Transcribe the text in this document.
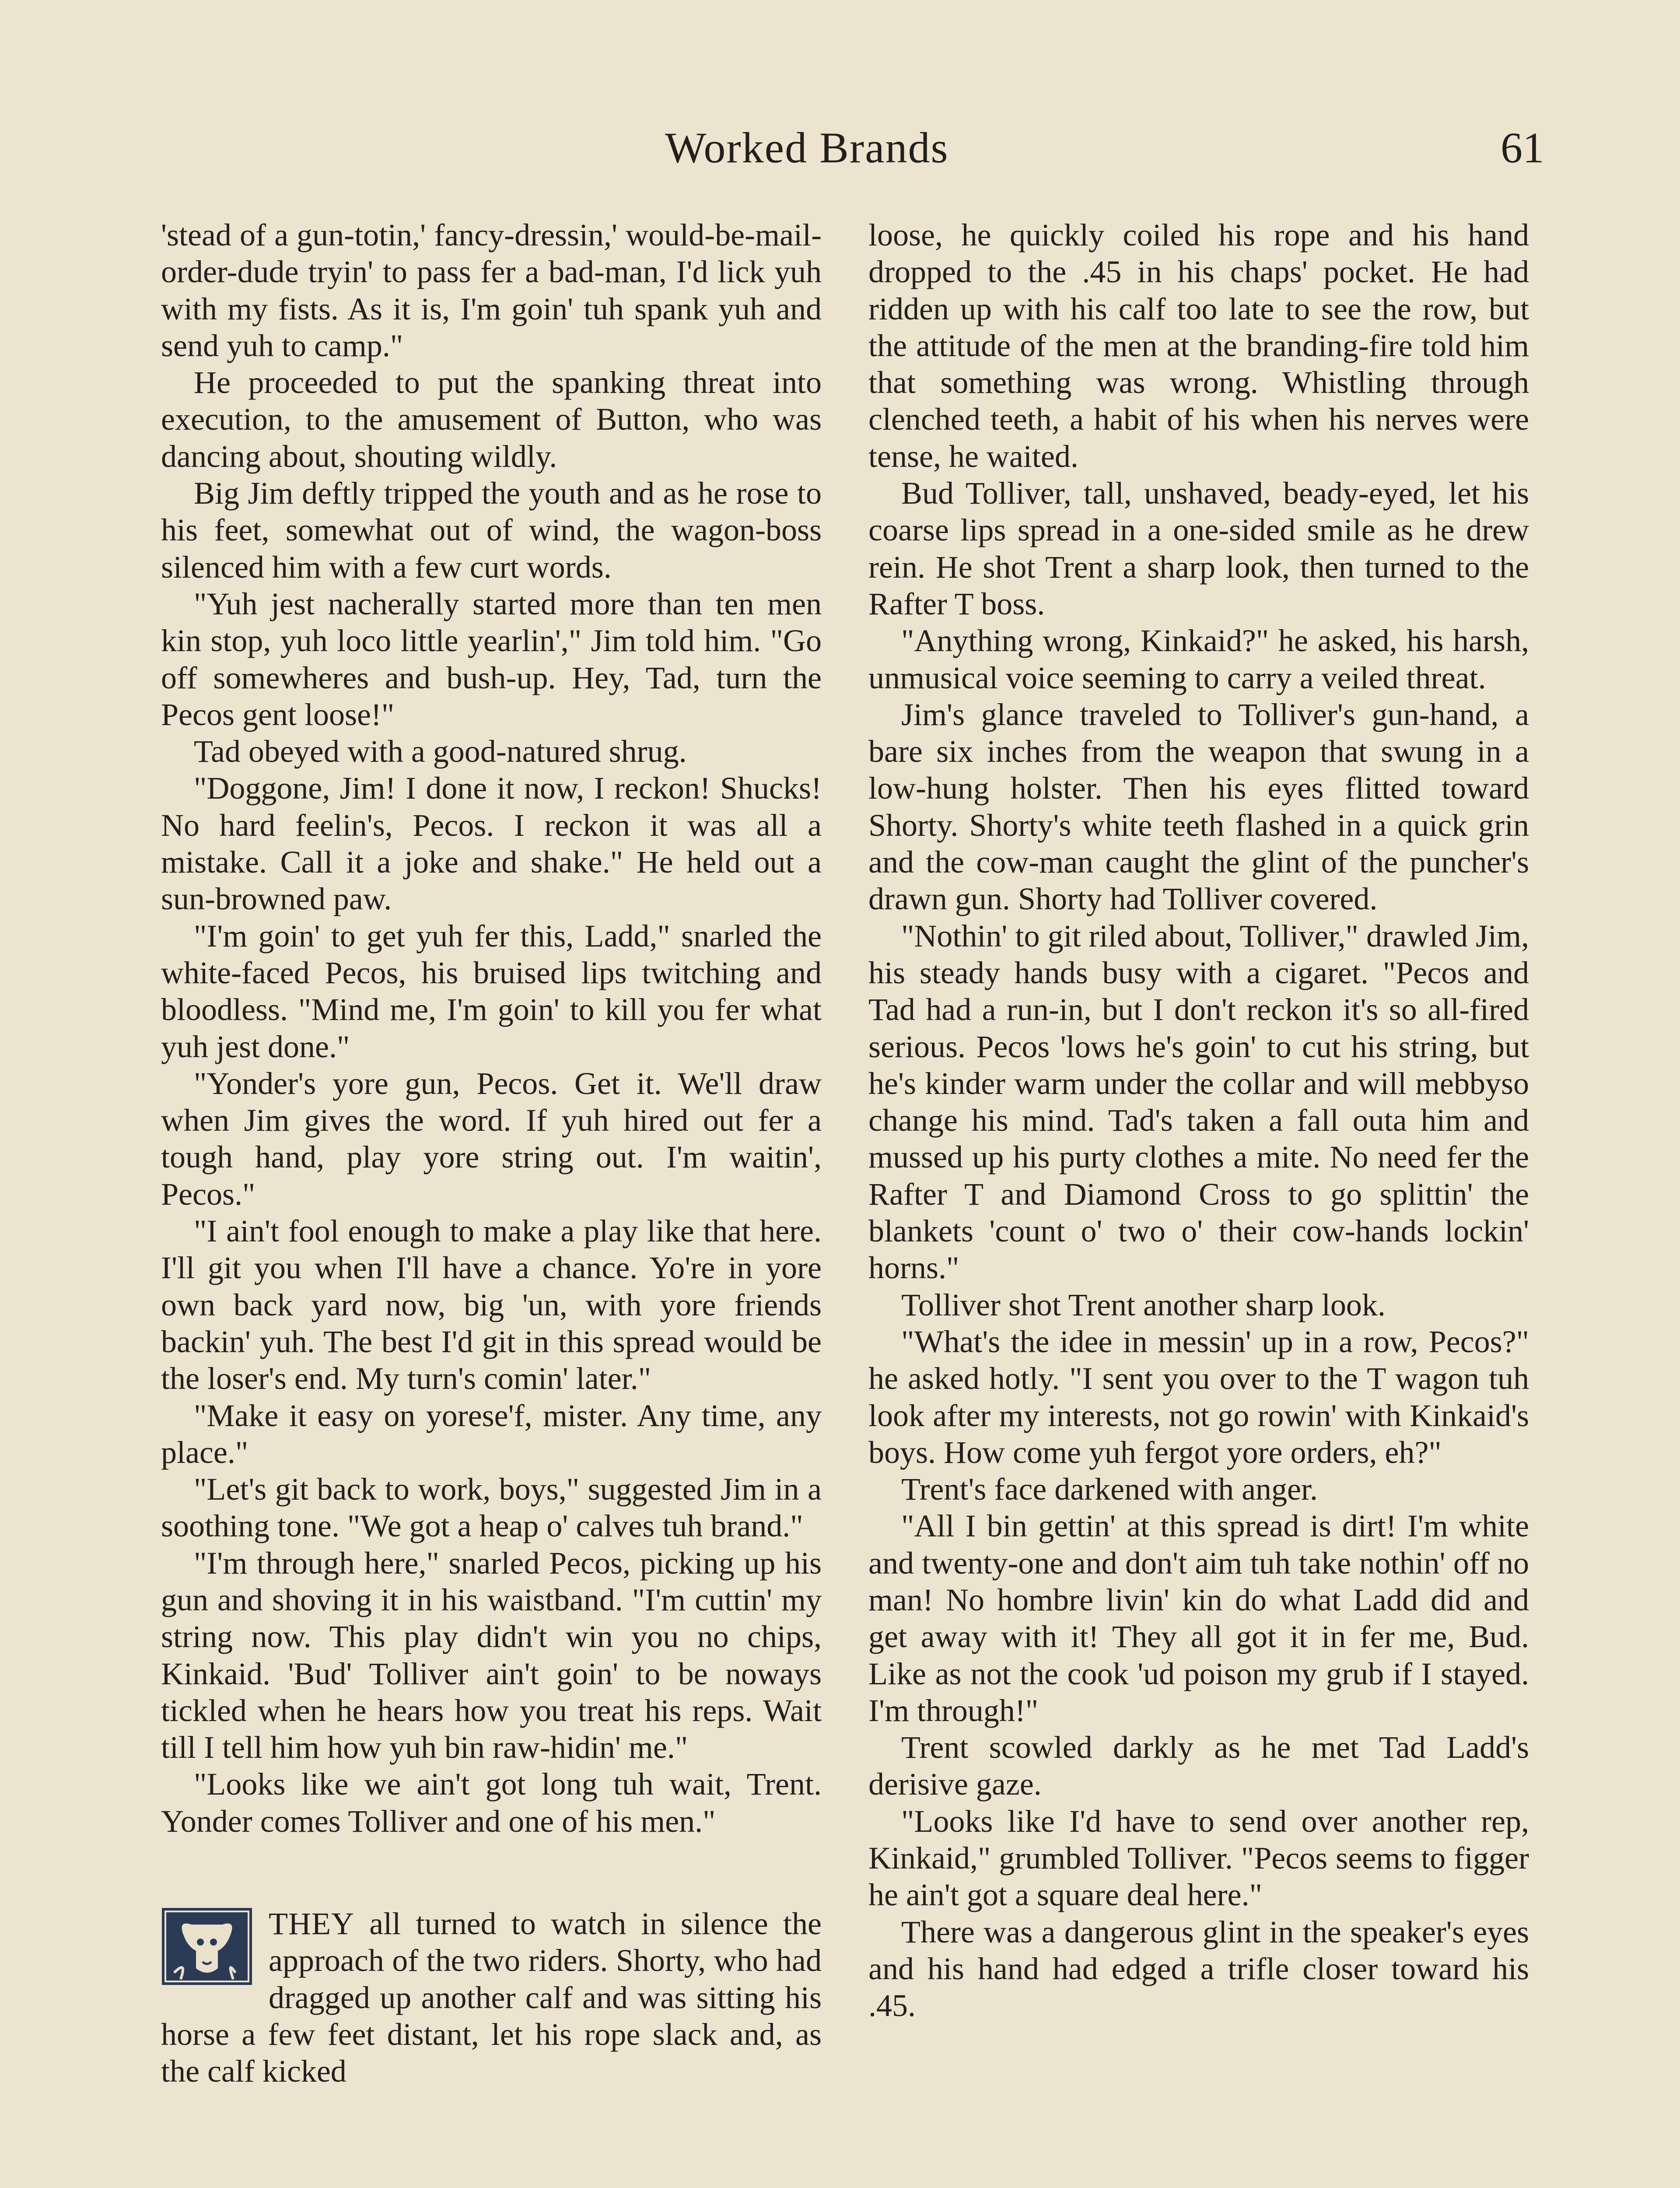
Worked Brands	61

'stead of a gun-totin,' fancy-dressin,' would-be-mail-order-dude tryin' to pass fer a bad-man, I'd lick yuh with my fists. As it is, I'm goin' tuh spank yuh and send yuh to camp."

He proceeded to put the spanking threat into execution, to the amusement of Button, who was dancing about, shouting wildly.

Big Jim deftly tripped the youth and as he rose to his feet, somewhat out of wind, the wagon-boss silenced him with a few curt words.

"Yuh jest nacherally started more than ten men kin stop, yuh loco little yearlin'," Jim told him. "Go off somewheres and bush-up. Hey, Tad, turn the Pecos gent loose!"

Tad obeyed with a good-natured shrug.

"Doggone, Jim! I done it now, I reckon! Shucks! No hard feelin's, Pecos. I reckon it was all a mistake. Call it a joke and shake." He held out a sun-browned paw.

"I'm goin' to get yuh fer this, Ladd," snarled the white-faced Pecos, his bruised lips twitching and bloodless. "Mind me, I'm goin' to kill you fer what yuh jest done."

"Yonder's yore gun, Pecos. Get it. We'll draw when Jim gives the word. If yuh hired out fer a tough hand, play yore string out. I'm waitin', Pecos."

"I ain't fool enough to make a play like that here. I'll git you when I'll have a chance. Yo're in yore own back yard now, big 'un, with yore friends backin' yuh. The best I'd git in this spread would be the loser's end. My turn's comin' later."

"Make it easy on yorese'f, mister. Any time, any place."

"Let's git back to work, boys," suggested Jim in a soothing tone. "We got a heap o' calves tuh brand."

"I'm through here," snarled Pecos, picking up his gun and shoving it in his waistband. "I'm cuttin' my string now. This play didn't win you no chips, Kinkaid. 'Bud' Tolliver ain't goin' to be noways tickled when he hears how you treat his reps. Wait till I tell him how yuh bin raw-hidin' me."

"Looks like we ain't got long tuh wait, Trent. Yonder comes Tolliver and one of his men."

THEY all turned to watch in silence the approach of the two riders. Shorty, who had dragged up another calf and was sitting his horse a few feet distant, let his rope slack and, as the calf kicked

loose, he quickly coiled his rope and his hand dropped to the .45 in his chaps' pocket. He had ridden up with his calf too late to see the row, but the attitude of the men at the branding-fire told him that something was wrong. Whistling through clenched teeth, a habit of his when his nerves were tense, he waited.

Bud Tolliver, tall, unshaved, beady-eyed, let his coarse lips spread in a one-sided smile as he drew rein. He shot Trent a sharp look, then turned to the Rafter T boss.

"Anything wrong, Kinkaid?" he asked, his harsh, unmusical voice seeming to carry a veiled threat.

Jim's glance traveled to Tolliver's gun-hand, a bare six inches from the weapon that swung in a low-hung holster. Then his eyes flitted toward Shorty. Shorty's white teeth flashed in a quick grin and the cow-man caught the glint of the puncher's drawn gun. Shorty had Tolliver covered.

"Nothin' to git riled about, Tolliver," drawled Jim, his steady hands busy with a cigaret. "Pecos and Tad had a run-in, but I don't reckon it's so all-fired serious. Pecos 'lows he's goin' to cut his string, but he's kinder warm under the collar and will mebbyso change his mind. Tad's taken a fall outa him and mussed up his purty clothes a mite. No need fer the Rafter T and Diamond Cross to go splittin' the blankets 'count o' two o' their cow-hands lockin' horns."

Tolliver shot Trent another sharp look.

"What's the idee in messin' up in a row, Pecos?" he asked hotly. "I sent you over to the T wagon tuh look after my interests, not go rowin' with Kinkaid's boys. How come yuh fergot yore orders, eh?"

Trent's face darkened with anger.

"All I bin gettin' at this spread is dirt! I'm white and twenty-one and don't aim tuh take nothin' off no man! No hombre livin' kin do what Ladd did and get away with it! They all got it in fer me, Bud. Like as not the cook 'ud poison my grub if I stayed. I'm through!"

Trent scowled darkly as he met Tad Ladd's derisive gaze.

"Looks like I'd have to send over another rep, Kinkaid," grumbled Tolliver. "Pecos seems to figger he ain't got a square deal here."

There was a dangerous glint in the speaker's eyes and his hand had edged a trifle closer toward his .45.
